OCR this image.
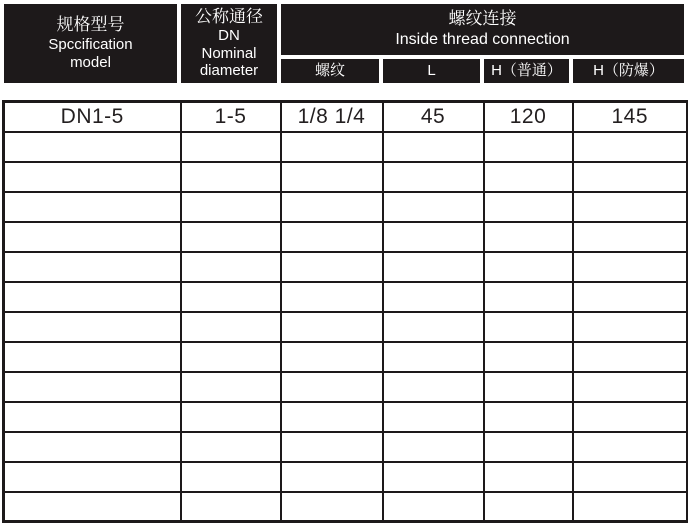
规格型号
Spccification
model
公称通径
DN
Nominal
diameter
螺纹连接
Inside thread connection
螺纹	L	H（普通）	H（防爆）
DN1-5	1-5	1/8 1/4	45	120	145
